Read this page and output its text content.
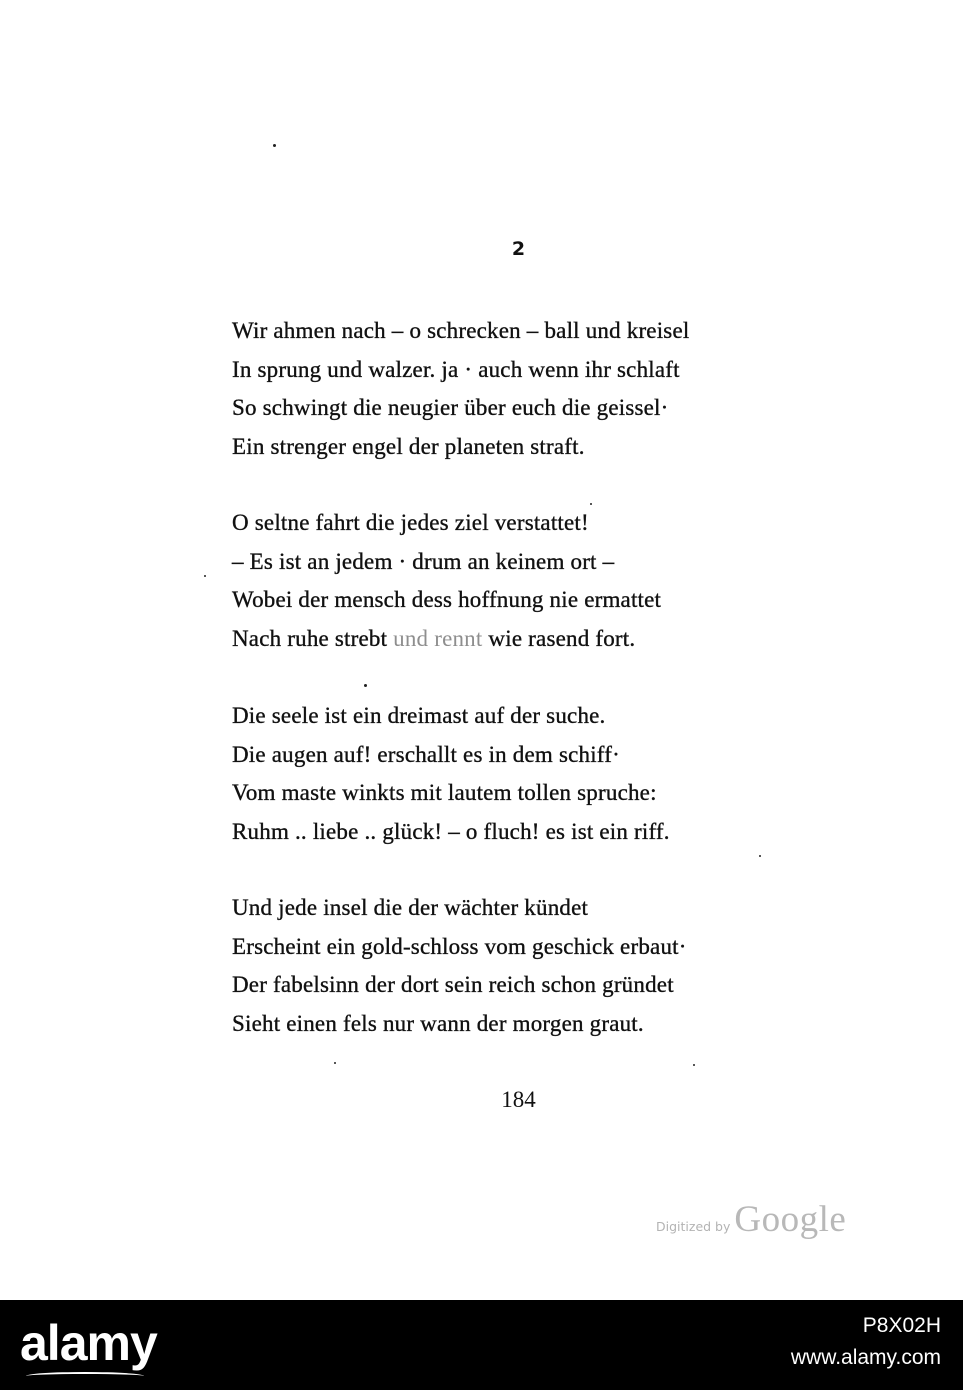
2
Wir ahmen nach – o schrecken – ball und kreisel
In sprung und walzer. ja · auch wenn ihr schlaft
So schwingt die neugier über euch die geissel·
Ein strenger engel der planeten straft.
O seltne fahrt die jedes ziel verstattet!
– Es ist an jedem · drum an keinem ort –
Wobei der mensch dess hoffnung nie ermattet
Nach ruhe strebt und rennt wie rasend fort.
Die seele ist ein dreimast auf der suche.
Die augen auf! erschallt es in dem schiff·
Vom maste winkts mit lautem tollen spruche:
Ruhm .. liebe .. glück! – o fluch! es ist ein riff.
Und jede insel die der wächter kündet
Erscheint ein gold-schloss vom geschick erbaut·
Der fabelsinn der dort sein reich schon gründet
Sieht einen fels nur wann der morgen graut.
184
Digitized by Google
alamy	P8X02H
www.alamy.com
